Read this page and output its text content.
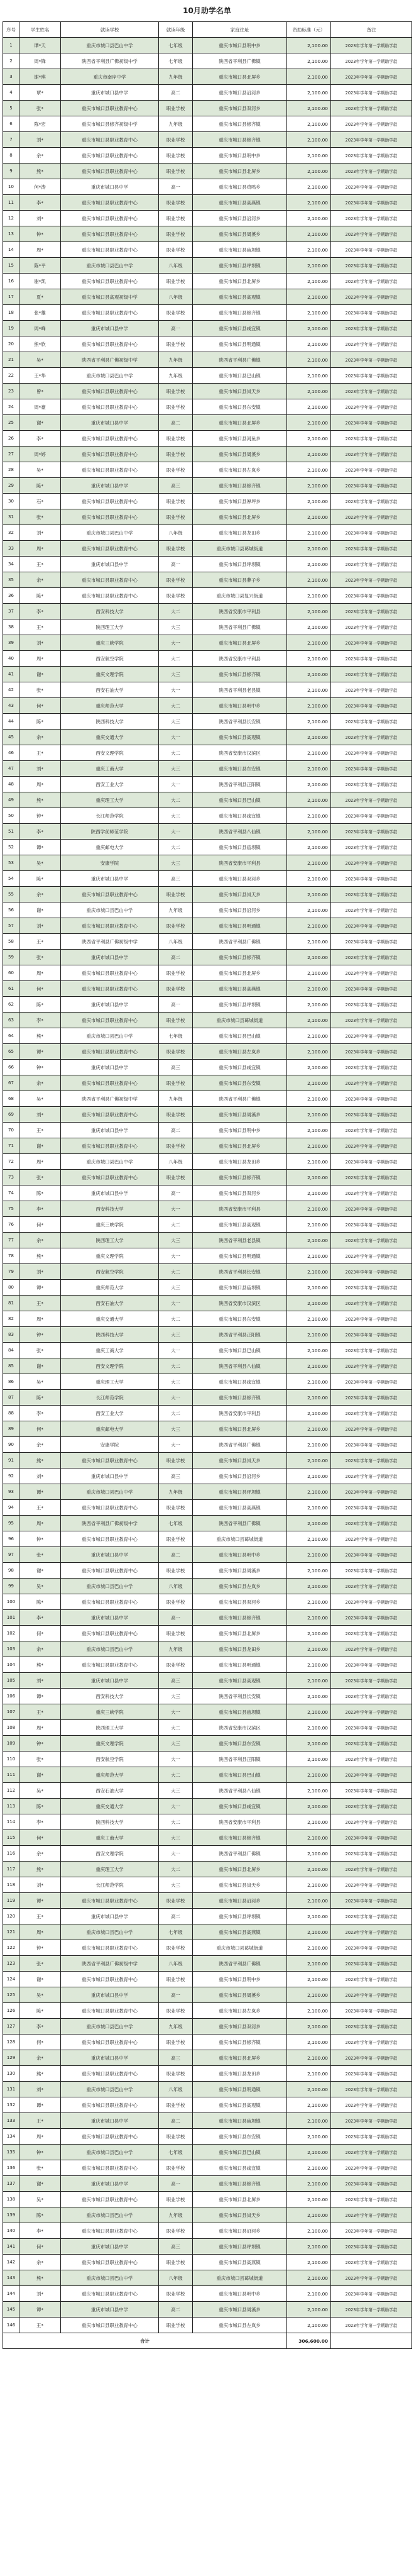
10月助学名单
序号	学生姓名	就读学校	就读年级	家庭住址	资助标准（元）	备注
1	谭*天	重庆市城口县巴山中学	七年级	重庆市城口县明中乡	2,100.00	2023年学年第一学期助学款
2	周*锋	陕西省平利县广佛初级中学	七年级	陕西省平利县广佛镇	2,100.00	2023年学年第一学期助学款
3	谢*琪	重庆市南岸中学	九年级	重庆市城口县北屏乡	2,100.00	2023年学年第一学期助学款
4	覃*	重庆市城口县中学	高二	重庆市城口县沿河乡	2,100.00	2023年学年第一学期助学款
5	张*	重庆市城口县职业教育中心	职业学校	重庆市城口县双河乡	2,100.00	2023年学年第一学期助学款
6	陈*宏	重庆市城口县修齐初级中学	九年级	重庆市城口县修齐镇	2,100.00	2023年学年第一学期助学款
7	刘*	重庆市城口县职业教育中心	职业学校	重庆市城口县修齐镇	2,100.00	2023年学年第一学期助学款
8	余*	重庆市城口县职业教育中心	职业学校	重庆市城口县明中乡	2,100.00	2023年学年第一学期助学款
9	熊*	重庆市城口县职业教育中心	职业学校	重庆市城口县北屏乡	2,100.00	2023年学年第一学期助学款
10	何*涛	重庆市城口县中学	高一	重庆市城口县鸡鸣乡	2,100.00	2023年学年第一学期助学款
11	李*	重庆市城口县职业教育中心	职业学校	重庆市城口县高燕镇	2,100.00	2023年学年第一学期助学款
12	刘*	重庆市城口县职业教育中心	职业学校	重庆市城口县沿河乡	2,100.00	2023年学年第一学期助学款
13	钟*	重庆市城口县职业教育中心	职业学校	重庆市城口县周溪乡	2,100.00	2023年学年第一学期助学款
14	周*	重庆市城口县职业教育中心	职业学校	重庆市城口县庙坝镇	2,100.00	2023年学年第一学期助学款
15	陈*平	重庆市城口县巴山中学	八年级	重庆市城口县坪坝镇	2,100.00	2023年学年第一学期助学款
16	谢*凯	重庆市城口县职业教育中心	职业学校	重庆市城口县北屏乡	2,100.00	2023年学年第一学期助学款
17	夏*	重庆市城口县高观初级中学	八年级	重庆市城口县高观镇	2,100.00	2023年学年第一学期助学款
18	张*雄	重庆市城口县职业教育中心	职业学校	重庆市城口县修齐镇	2,100.00	2023年学年第一学期助学款
19	周*峰	重庆市城口县中学	高一	重庆市城口县咸宜镇	2,100.00	2023年学年第一学期助学款
20	熊*欣	重庆市城口县职业教育中心	职业学校	重庆市城口县明通镇	2,100.00	2023年学年第一学期助学款
21	吴*	陕西省平利县广佛初级中学	九年级	陕西省平利县广佛镇	2,100.00	2023年学年第一学期助学款
22	王*华	重庆市城口县巴山中学	九年级	重庆市城口县巴山镇	2,100.00	2023年学年第一学期助学款
23	曾*	重庆市城口县职业教育中心	职业学校	重庆市城口县岚天乡	2,100.00	2023年学年第一学期助学款
24	周*豪	重庆市城口县职业教育中心	职业学校	重庆市城口县东安镇	2,100.00	2023年学年第一学期助学款
25	谢*	重庆市城口县中学	高二	重庆市城口县北屏乡	2,100.00	2023年学年第一学期助学款
26	李*	重庆市城口县职业教育中心	职业学校	重庆市城口县河鱼乡	2,100.00	2023年学年第一学期助学款
27	周*婷	重庆市城口县职业教育中心	职业学校	重庆市城口县周溪乡	2,100.00	2023年学年第一学期助学款
28	吴*	重庆市城口县职业教育中心	职业学校	重庆市城口县左岚乡	2,100.00	2023年学年第一学期助学款
29	陈*	重庆市城口县中学	高三	重庆市城口县修齐镇	2,100.00	2023年学年第一学期助学款
30	石*	重庆市城口县职业教育中心	职业学校	重庆市城口县厚坪乡	2,100.00	2023年学年第一学期助学款
31	张*	重庆市城口县职业教育中心	职业学校	重庆市城口县北屏乡	2,100.00	2023年学年第一学期助学款
32	刘*	重庆市城口县巴山中学	八年级	重庆市城口县龙田乡	2,100.00	2023年学年第一学期助学款
33	周*	重庆市城口县职业教育中心	职业学校	重庆市城口县葛城街道	2,100.00	2023年学年第一学期助学款
34	王*	重庆市城口县中学	高一	重庆市城口县坪坝镇	2,100.00	2023年学年第一学期助学款
35	余*	重庆市城口县职业教育中心	职业学校	重庆市城口县蓼子乡	2,100.00	2023年学年第一学期助学款
36	陈*	重庆市城口县职业教育中心	职业学校	重庆市城口县复兴街道	2,100.00	2023年学年第一学期助学款
37	李*	西安科技大学	大二	陕西省安康市平利县	2,100.00	2023年学年第一学期助学款
38	王*	陕西理工大学	大三	陕西省平利县广佛镇	2,100.00	2023年学年第一学期助学款
39	刘*	重庆三峡学院	大一	重庆市城口县北屏乡	2,100.00	2023年学年第一学期助学款
40	周*	西安航空学院	大二	陕西省安康市平利县	2,100.00	2023年学年第一学期助学款
41	谢*	重庆文理学院	大三	重庆市城口县修齐镇	2,100.00	2023年学年第一学期助学款
42	张*	西安石油大学	大一	陕西省平利县老县镇	2,100.00	2023年学年第一学期助学款
43	何*	重庆师范大学	大二	重庆市城口县明中乡	2,100.00	2023年学年第一学期助学款
44	陈*	陕西科技大学	大三	陕西省平利县长安镇	2,100.00	2023年学年第一学期助学款
45	余*	重庆交通大学	大一	重庆市城口县高观镇	2,100.00	2023年学年第一学期助学款
46	王*	西安文理学院	大二	陕西省安康市汉滨区	2,100.00	2023年学年第一学期助学款
47	刘*	重庆工商大学	大三	重庆市城口县东安镇	2,100.00	2023年学年第一学期助学款
48	周*	西安工业大学	大一	陕西省平利县正阳镇	2,100.00	2023年学年第一学期助学款
49	熊*	重庆理工大学	大二	重庆市城口县巴山镇	2,100.00	2023年学年第一学期助学款
50	钟*	长江师范学院	大三	重庆市城口县咸宜镇	2,100.00	2023年学年第一学期助学款
51	李*	陕西学前师范学院	大一	陕西省平利县八仙镇	2,100.00	2023年学年第一学期助学款
52	谭*	重庆邮电大学	大二	重庆市城口县庙坝镇	2,100.00	2023年学年第一学期助学款
53	吴*	安康学院	大三	陕西省安康市平利县	2,100.00	2023年学年第一学期助学款
54	陈*	重庆市城口县中学	高三	重庆市城口县双河乡	2,100.00	2023年学年第一学期助学款
55	余*	重庆市城口县职业教育中心	职业学校	重庆市城口县岚天乡	2,100.00	2023年学年第一学期助学款
56	谢*	重庆市城口县巴山中学	九年级	重庆市城口县沿河乡	2,100.00	2023年学年第一学期助学款
57	刘*	重庆市城口县职业教育中心	职业学校	重庆市城口县明通镇	2,100.00	2023年学年第一学期助学款
58	王*	陕西省平利县广佛初级中学	八年级	陕西省平利县广佛镇	2,100.00	2023年学年第一学期助学款
59	张*	重庆市城口县中学	高二	重庆市城口县修齐镇	2,100.00	2023年学年第一学期助学款
60	周*	重庆市城口县职业教育中心	职业学校	重庆市城口县北屏乡	2,100.00	2023年学年第一学期助学款
61	何*	重庆市城口县职业教育中心	职业学校	重庆市城口县高燕镇	2,100.00	2023年学年第一学期助学款
62	陈*	重庆市城口县中学	高一	重庆市城口县坪坝镇	2,100.00	2023年学年第一学期助学款
63	李*	重庆市城口县职业教育中心	职业学校	重庆市城口县葛城街道	2,100.00	2023年学年第一学期助学款
64	熊*	重庆市城口县巴山中学	七年级	重庆市城口县巴山镇	2,100.00	2023年学年第一学期助学款
65	谭*	重庆市城口县职业教育中心	职业学校	重庆市城口县左岚乡	2,100.00	2023年学年第一学期助学款
66	钟*	重庆市城口县中学	高三	重庆市城口县咸宜镇	2,100.00	2023年学年第一学期助学款
67	余*	重庆市城口县职业教育中心	职业学校	重庆市城口县东安镇	2,100.00	2023年学年第一学期助学款
68	吴*	陕西省平利县广佛初级中学	九年级	陕西省平利县广佛镇	2,100.00	2023年学年第一学期助学款
69	刘*	重庆市城口县职业教育中心	职业学校	重庆市城口县周溪乡	2,100.00	2023年学年第一学期助学款
70	王*	重庆市城口县中学	高二	重庆市城口县明中乡	2,100.00	2023年学年第一学期助学款
71	谢*	重庆市城口县职业教育中心	职业学校	重庆市城口县北屏乡	2,100.00	2023年学年第一学期助学款
72	周*	重庆市城口县巴山中学	八年级	重庆市城口县龙田乡	2,100.00	2023年学年第一学期助学款
73	张*	重庆市城口县职业教育中心	职业学校	重庆市城口县修齐镇	2,100.00	2023年学年第一学期助学款
74	陈*	重庆市城口县中学	高一	重庆市城口县双河乡	2,100.00	2023年学年第一学期助学款
75	李*	西安科技大学	大一	陕西省安康市平利县	2,100.00	2023年学年第一学期助学款
76	何*	重庆三峡学院	大二	重庆市城口县高观镇	2,100.00	2023年学年第一学期助学款
77	余*	陕西理工大学	大三	陕西省平利县老县镇	2,100.00	2023年学年第一学期助学款
78	熊*	重庆文理学院	大一	重庆市城口县明通镇	2,100.00	2023年学年第一学期助学款
79	刘*	西安航空学院	大二	陕西省平利县长安镇	2,100.00	2023年学年第一学期助学款
80	谭*	重庆师范大学	大三	重庆市城口县庙坝镇	2,100.00	2023年学年第一学期助学款
81	王*	西安石油大学	大一	陕西省安康市汉滨区	2,100.00	2023年学年第一学期助学款
82	周*	重庆交通大学	大二	重庆市城口县东安镇	2,100.00	2023年学年第一学期助学款
83	钟*	陕西科技大学	大三	陕西省平利县正阳镇	2,100.00	2023年学年第一学期助学款
84	张*	重庆工商大学	大一	重庆市城口县巴山镇	2,100.00	2023年学年第一学期助学款
85	谢*	西安文理学院	大二	陕西省平利县八仙镇	2,100.00	2023年学年第一学期助学款
86	吴*	重庆理工大学	大三	重庆市城口县咸宜镇	2,100.00	2023年学年第一学期助学款
87	陈*	长江师范学院	大一	重庆市城口县修齐镇	2,100.00	2023年学年第一学期助学款
88	李*	西安工业大学	大二	陕西省安康市平利县	2,100.00	2023年学年第一学期助学款
89	何*	重庆邮电大学	大三	重庆市城口县北屏乡	2,100.00	2023年学年第一学期助学款
90	余*	安康学院	大一	陕西省平利县广佛镇	2,100.00	2023年学年第一学期助学款
91	熊*	重庆市城口县职业教育中心	职业学校	重庆市城口县岚天乡	2,100.00	2023年学年第一学期助学款
92	刘*	重庆市城口县中学	高三	重庆市城口县沿河乡	2,100.00	2023年学年第一学期助学款
93	谭*	重庆市城口县巴山中学	九年级	重庆市城口县坪坝镇	2,100.00	2023年学年第一学期助学款
94	王*	重庆市城口县职业教育中心	职业学校	重庆市城口县高燕镇	2,100.00	2023年学年第一学期助学款
95	周*	陕西省平利县广佛初级中学	七年级	陕西省平利县广佛镇	2,100.00	2023年学年第一学期助学款
96	钟*	重庆市城口县职业教育中心	职业学校	重庆市城口县葛城街道	2,100.00	2023年学年第一学期助学款
97	张*	重庆市城口县中学	高二	重庆市城口县明中乡	2,100.00	2023年学年第一学期助学款
98	谢*	重庆市城口县职业教育中心	职业学校	重庆市城口县周溪乡	2,100.00	2023年学年第一学期助学款
99	吴*	重庆市城口县巴山中学	八年级	重庆市城口县左岚乡	2,100.00	2023年学年第一学期助学款
100	陈*	重庆市城口县职业教育中心	职业学校	重庆市城口县双河乡	2,100.00	2023年学年第一学期助学款
101	李*	重庆市城口县中学	高一	重庆市城口县修齐镇	2,100.00	2023年学年第一学期助学款
102	何*	重庆市城口县职业教育中心	职业学校	重庆市城口县北屏乡	2,100.00	2023年学年第一学期助学款
103	余*	重庆市城口县巴山中学	九年级	重庆市城口县龙田乡	2,100.00	2023年学年第一学期助学款
104	熊*	重庆市城口县职业教育中心	职业学校	重庆市城口县明通镇	2,100.00	2023年学年第一学期助学款
105	刘*	重庆市城口县中学	高三	重庆市城口县高观镇	2,100.00	2023年学年第一学期助学款
106	谭*	西安科技大学	大三	陕西省平利县长安镇	2,100.00	2023年学年第一学期助学款
107	王*	重庆三峡学院	大一	重庆市城口县庙坝镇	2,100.00	2023年学年第一学期助学款
108	周*	陕西理工大学	大二	陕西省安康市汉滨区	2,100.00	2023年学年第一学期助学款
109	钟*	重庆文理学院	大三	重庆市城口县东安镇	2,100.00	2023年学年第一学期助学款
110	张*	西安航空学院	大一	陕西省平利县正阳镇	2,100.00	2023年学年第一学期助学款
111	谢*	重庆师范大学	大二	重庆市城口县巴山镇	2,100.00	2023年学年第一学期助学款
112	吴*	西安石油大学	大三	陕西省平利县八仙镇	2,100.00	2023年学年第一学期助学款
113	陈*	重庆交通大学	大一	重庆市城口县咸宜镇	2,100.00	2023年学年第一学期助学款
114	李*	陕西科技大学	大二	陕西省安康市平利县	2,100.00	2023年学年第一学期助学款
115	何*	重庆工商大学	大三	重庆市城口县修齐镇	2,100.00	2023年学年第一学期助学款
116	余*	西安文理学院	大一	陕西省平利县广佛镇	2,100.00	2023年学年第一学期助学款
117	熊*	重庆理工大学	大二	重庆市城口县北屏乡	2,100.00	2023年学年第一学期助学款
118	刘*	长江师范学院	大三	重庆市城口县岚天乡	2,100.00	2023年学年第一学期助学款
119	谭*	重庆市城口县职业教育中心	职业学校	重庆市城口县沿河乡	2,100.00	2023年学年第一学期助学款
120	王*	重庆市城口县中学	高二	重庆市城口县坪坝镇	2,100.00	2023年学年第一学期助学款
121	周*	重庆市城口县巴山中学	七年级	重庆市城口县高燕镇	2,100.00	2023年学年第一学期助学款
122	钟*	重庆市城口县职业教育中心	职业学校	重庆市城口县葛城街道	2,100.00	2023年学年第一学期助学款
123	张*	陕西省平利县广佛初级中学	八年级	陕西省平利县广佛镇	2,100.00	2023年学年第一学期助学款
124	谢*	重庆市城口县职业教育中心	职业学校	重庆市城口县明中乡	2,100.00	2023年学年第一学期助学款
125	吴*	重庆市城口县中学	高一	重庆市城口县周溪乡	2,100.00	2023年学年第一学期助学款
126	陈*	重庆市城口县职业教育中心	职业学校	重庆市城口县左岚乡	2,100.00	2023年学年第一学期助学款
127	李*	重庆市城口县巴山中学	九年级	重庆市城口县双河乡	2,100.00	2023年学年第一学期助学款
128	何*	重庆市城口县职业教育中心	职业学校	重庆市城口县修齐镇	2,100.00	2023年学年第一学期助学款
129	余*	重庆市城口县中学	高三	重庆市城口县北屏乡	2,100.00	2023年学年第一学期助学款
130	熊*	重庆市城口县职业教育中心	职业学校	重庆市城口县龙田乡	2,100.00	2023年学年第一学期助学款
131	刘*	重庆市城口县巴山中学	八年级	重庆市城口县明通镇	2,100.00	2023年学年第一学期助学款
132	谭*	重庆市城口县职业教育中心	职业学校	重庆市城口县高观镇	2,100.00	2023年学年第一学期助学款
133	王*	重庆市城口县中学	高二	重庆市城口县庙坝镇	2,100.00	2023年学年第一学期助学款
134	周*	重庆市城口县职业教育中心	职业学校	重庆市城口县东安镇	2,100.00	2023年学年第一学期助学款
135	钟*	重庆市城口县巴山中学	七年级	重庆市城口县巴山镇	2,100.00	2023年学年第一学期助学款
136	张*	重庆市城口县职业教育中心	职业学校	重庆市城口县咸宜镇	2,100.00	2023年学年第一学期助学款
137	谢*	重庆市城口县中学	高一	重庆市城口县修齐镇	2,100.00	2023年学年第一学期助学款
138	吴*	重庆市城口县职业教育中心	职业学校	重庆市城口县北屏乡	2,100.00	2023年学年第一学期助学款
139	陈*	重庆市城口县巴山中学	九年级	重庆市城口县岚天乡	2,100.00	2023年学年第一学期助学款
140	李*	重庆市城口县职业教育中心	职业学校	重庆市城口县沿河乡	2,100.00	2023年学年第一学期助学款
141	何*	重庆市城口县中学	高三	重庆市城口县坪坝镇	2,100.00	2023年学年第一学期助学款
142	余*	重庆市城口县职业教育中心	职业学校	重庆市城口县高燕镇	2,100.00	2023年学年第一学期助学款
143	熊*	重庆市城口县巴山中学	八年级	重庆市城口县葛城街道	2,100.00	2023年学年第一学期助学款
144	刘*	重庆市城口县职业教育中心	职业学校	重庆市城口县明中乡	2,100.00	2023年学年第一学期助学款
145	谭*	重庆市城口县中学	高二	重庆市城口县周溪乡	2,100.00	2023年学年第一学期助学款
146	王*	重庆市城口县职业教育中心	职业学校	重庆市城口县左岚乡	2,100.00	2023年学年第一学期助学款
合计					306,600.00	
